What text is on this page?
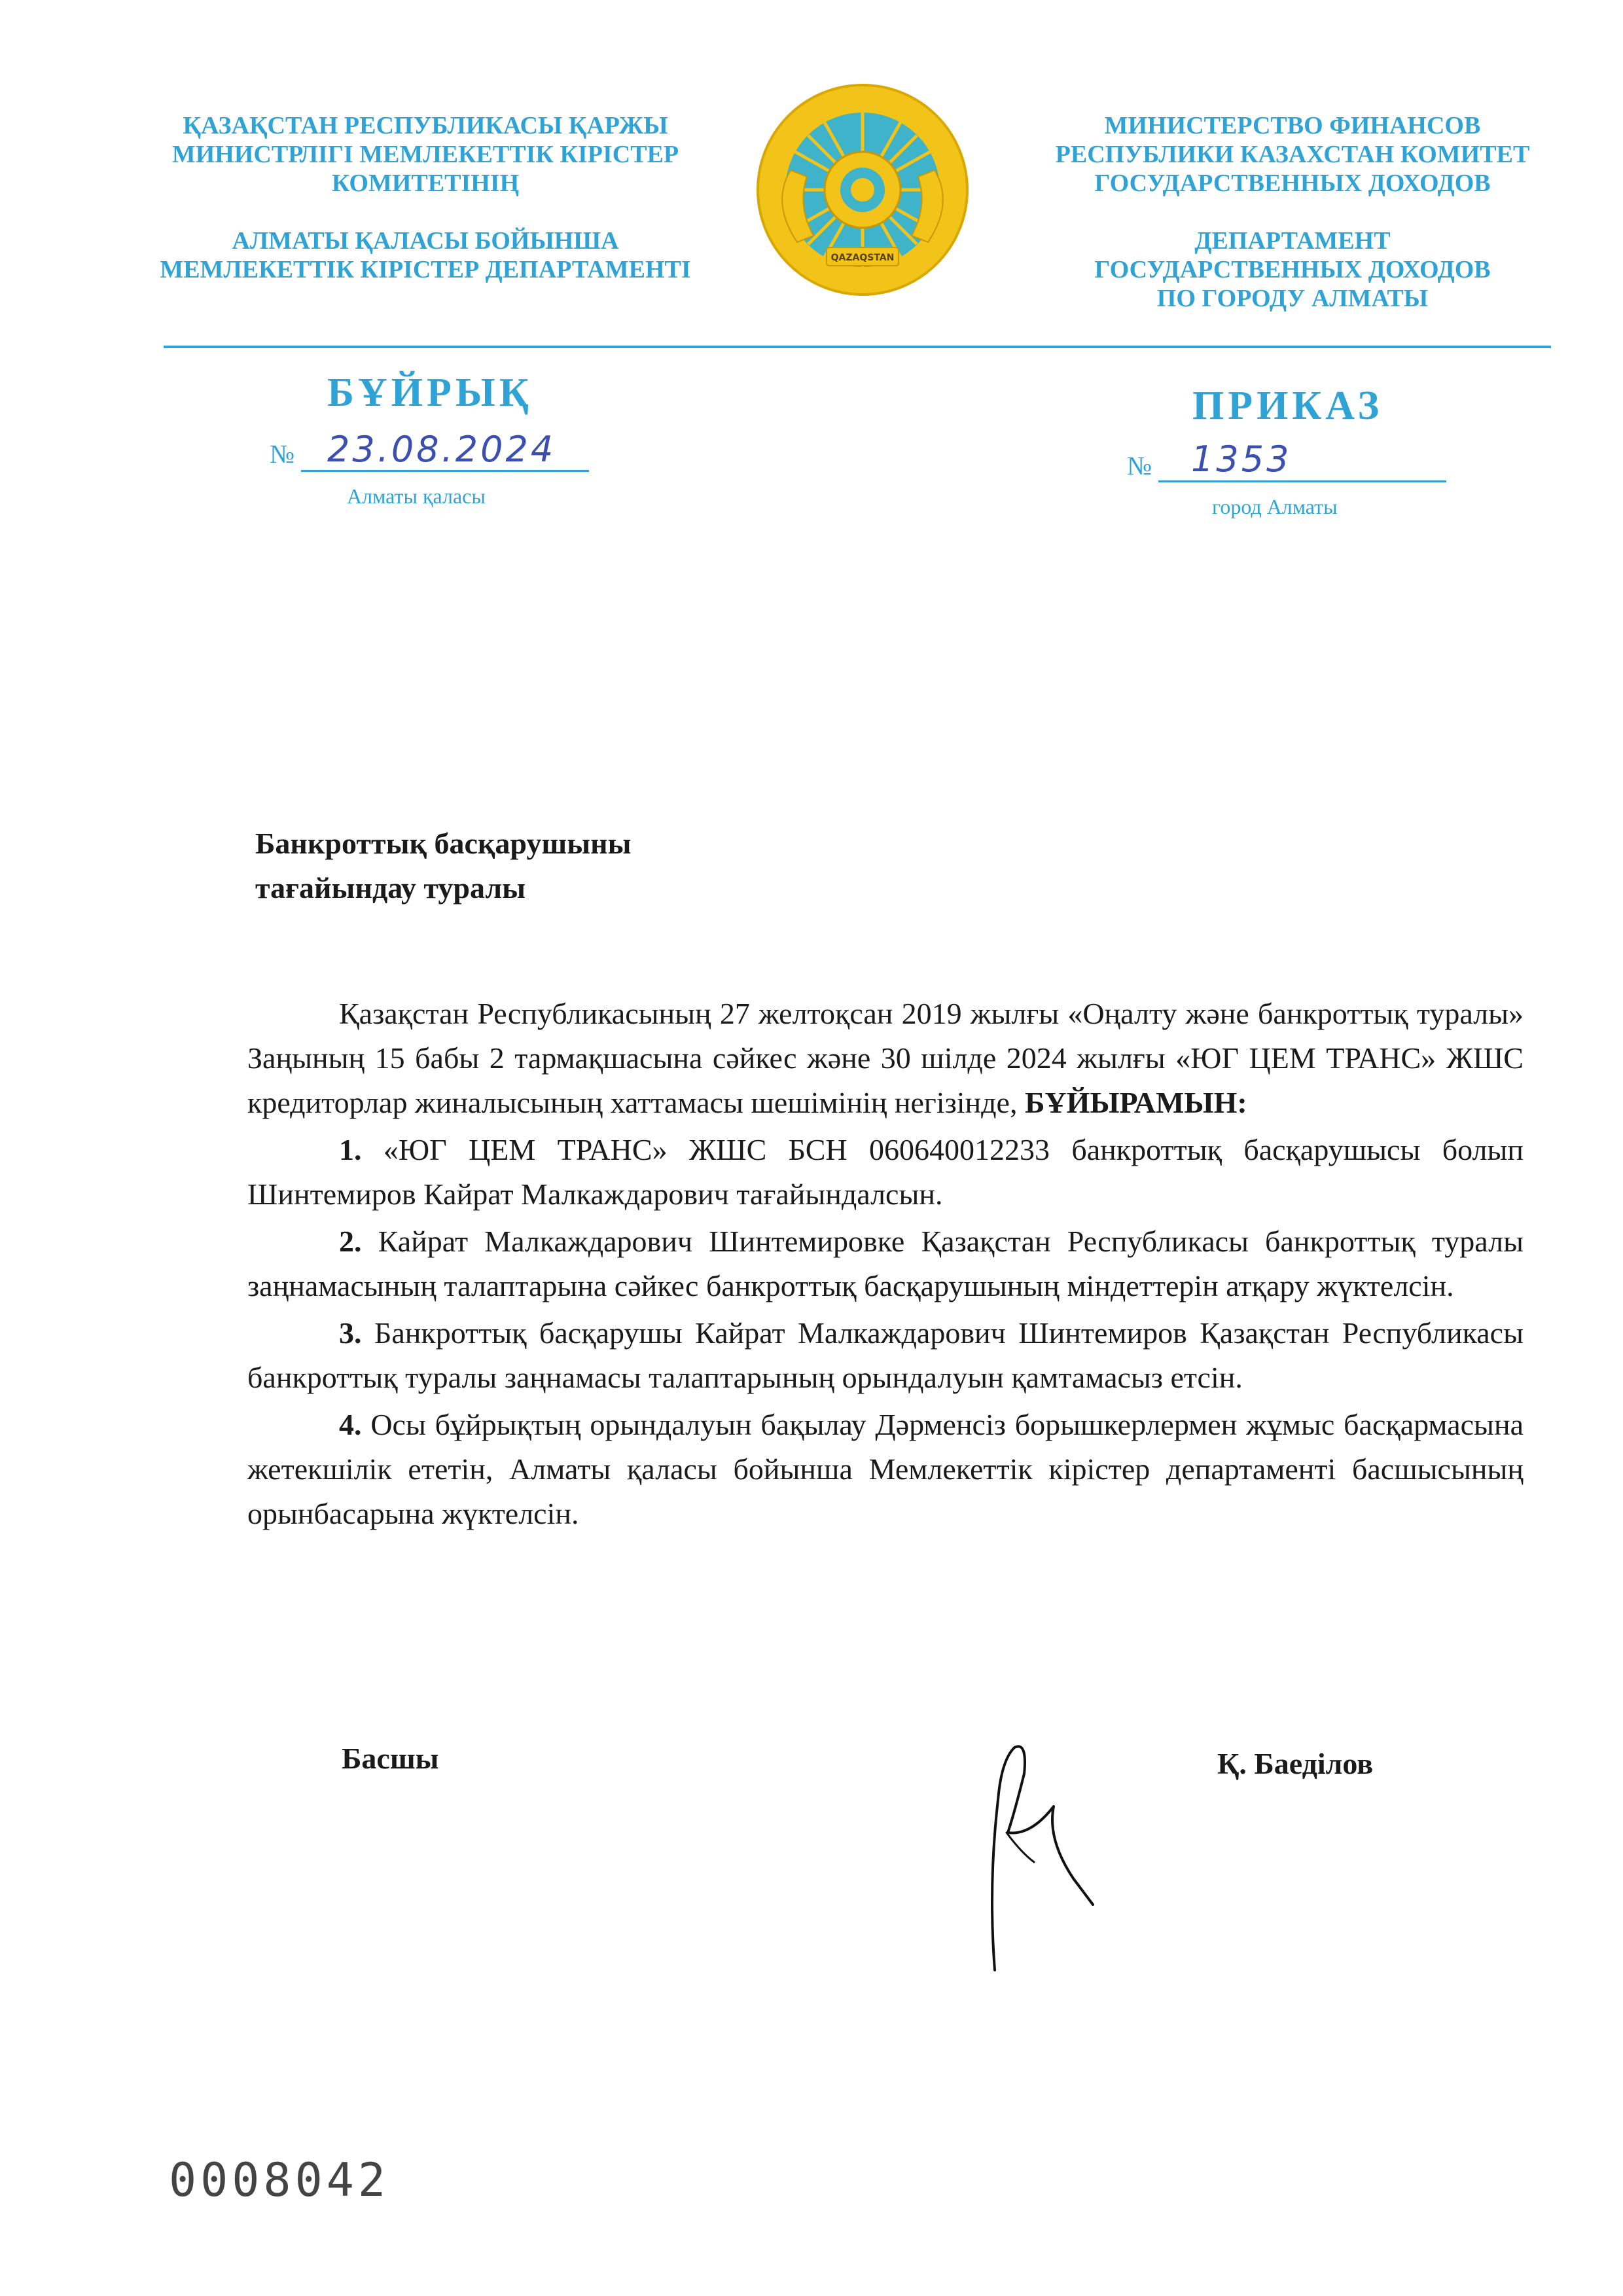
ҚАЗАҚСТАН РЕСПУБЛИКАСЫ ҚАРЖЫ
МИНИСТРЛІГІ МЕМЛЕКЕТТІК КІРІСТЕР
КОМИТЕТІНІҢ
АЛМАТЫ ҚАЛАСЫ БОЙЫНША
МЕМЛЕКЕТТІК КІРІСТЕР ДЕПАРТАМЕНТІ	QAZAQSTAN
МИНИСТЕРСТВО ФИНАНСОВ
РЕСПУБЛИКИ КАЗАХСТАН КОМИТЕТ
ГОСУДАРСТВЕННЫХ ДОХОДОВ
ДЕПАРТАМЕНТ
ГОСУДАРСТВЕННЫХ ДОХОДОВ
ПО ГОРОДУ АЛМАТЫ
БҰЙРЫҚ	ПРИКАЗ
№ 23.08.2024
Алматы қаласы
№ 1353
город Алматы
Банкроттық басқарушыны
тағайындау туралы

Қазақстан Республикасының 27 желтоқсан 2019 жылғы «Оңалту және банкроттық туралы» Заңының 15 бабы 2 тармақшасына сәйкес және 30 шілде 2024 жылғы «ЮГ ЦЕМ ТРАНС» ЖШС кредиторлар жиналысының хаттамасы шешімінің негізінде, БҰЙЫРАМЫН:

1. «ЮГ ЦЕМ ТРАНС» ЖШС БСН 060640012233 банкроттық басқарушысы болып Шинтемиров Кайрат Малкаждарович тағайындалсын.

2. Кайрат Малкаждарович Шинтемировке Қазақстан Республикасы банкроттық туралы заңнамасының талаптарына сәйкес банкроттық басқарушының міндеттерін атқару жүктелсін.

3. Банкроттық басқарушы Кайрат Малкаждарович Шинтемиров Қазақстан Республикасы банкроттық туралы заңнамасы талаптарының орындалуын қамтамасыз етсін.

4. Осы бұйрықтың орындалуын бақылау Дәрменсіз борышкерлермен жұмыс басқармасына жетекшілік ететін, Алматы қаласы бойынша Мемлекеттік кірістер департаменті басшысының орынбасарына жүктелсін.

Басшы	Қ. Баеділов
0008042
